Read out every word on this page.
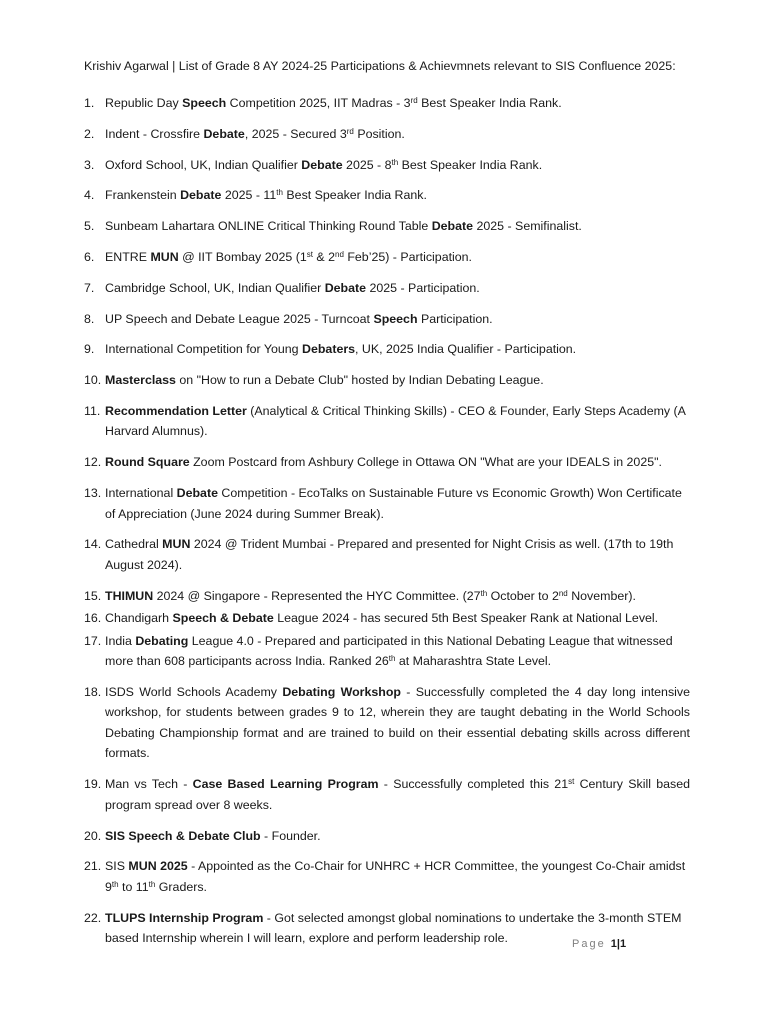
Krishiv Agarwal | List of Grade 8 AY 2024-25 Participations & Achievmnets relevant to SIS Confluence 2025:

1. Republic Day Speech Competition 2025, IIT Madras - 3rd Best Speaker India Rank.
2. Indent - Crossfire Debate, 2025 - Secured 3rd Position.
3. Oxford School, UK, Indian Qualifier Debate 2025 - 8th Best Speaker India Rank.
4. Frankenstein Debate 2025 - 11th Best Speaker India Rank.
5. Sunbeam Lahartara ONLINE Critical Thinking Round Table Debate 2025 - Semifinalist.
6. ENTRE MUN @ IIT Bombay 2025 (1st & 2nd Feb’25) - Participation.
7. Cambridge School, UK, Indian Qualifier Debate 2025 - Participation.
8. UP Speech and Debate League 2025 - Turncoat Speech Participation.
9. International Competition for Young Debaters, UK, 2025 India Qualifier - Participation.
10. Masterclass on "How to run a Debate Club" hosted by Indian Debating League.
11. Recommendation Letter (Analytical & Critical Thinking Skills) - CEO & Founder, Early Steps Academy (A Harvard Alumnus).
12. Round Square Zoom Postcard from Ashbury College in Ottawa ON "What are your IDEALS in 2025".
13. International Debate Competition - EcoTalks on Sustainable Future vs Economic Growth) Won Certificate of Appreciation (June 2024 during Summer Break).
14. Cathedral MUN 2024 @ Trident Mumbai - Prepared and presented for Night Crisis as well. (17th to 19th August 2024).
15. THIMUN 2024 @ Singapore - Represented the HYC Committee. (27th October to 2nd November).
16. Chandigarh Speech & Debate League 2024 - has secured 5th Best Speaker Rank at National Level.
17. India Debating League 4.0 - Prepared and participated in this National Debating League that witnessed more than 608 participants across India. Ranked 26th at Maharashtra State Level.
18. ISDS World Schools Academy Debating Workshop - Successfully completed the 4 day long intensive workshop, for students between grades 9 to 12, wherein they are taught debating in the World Schools Debating Championship format and are trained to build on their essential debating skills across different formats.
19. Man vs Tech - Case Based Learning Program - Successfully completed this 21st Century Skill based program spread over 8 weeks.
20. SIS Speech & Debate Club - Founder.
21. SIS MUN 2025 - Appointed as the Co-Chair for UNHRC + HCR Committee, the youngest Co-Chair amidst 9th to 11th Graders.
22. TLUPS Internship Program - Got selected amongst global nominations to undertake the 3-month STEM based Internship wherein I will learn, explore and perform leadership role.	Page 1|1
